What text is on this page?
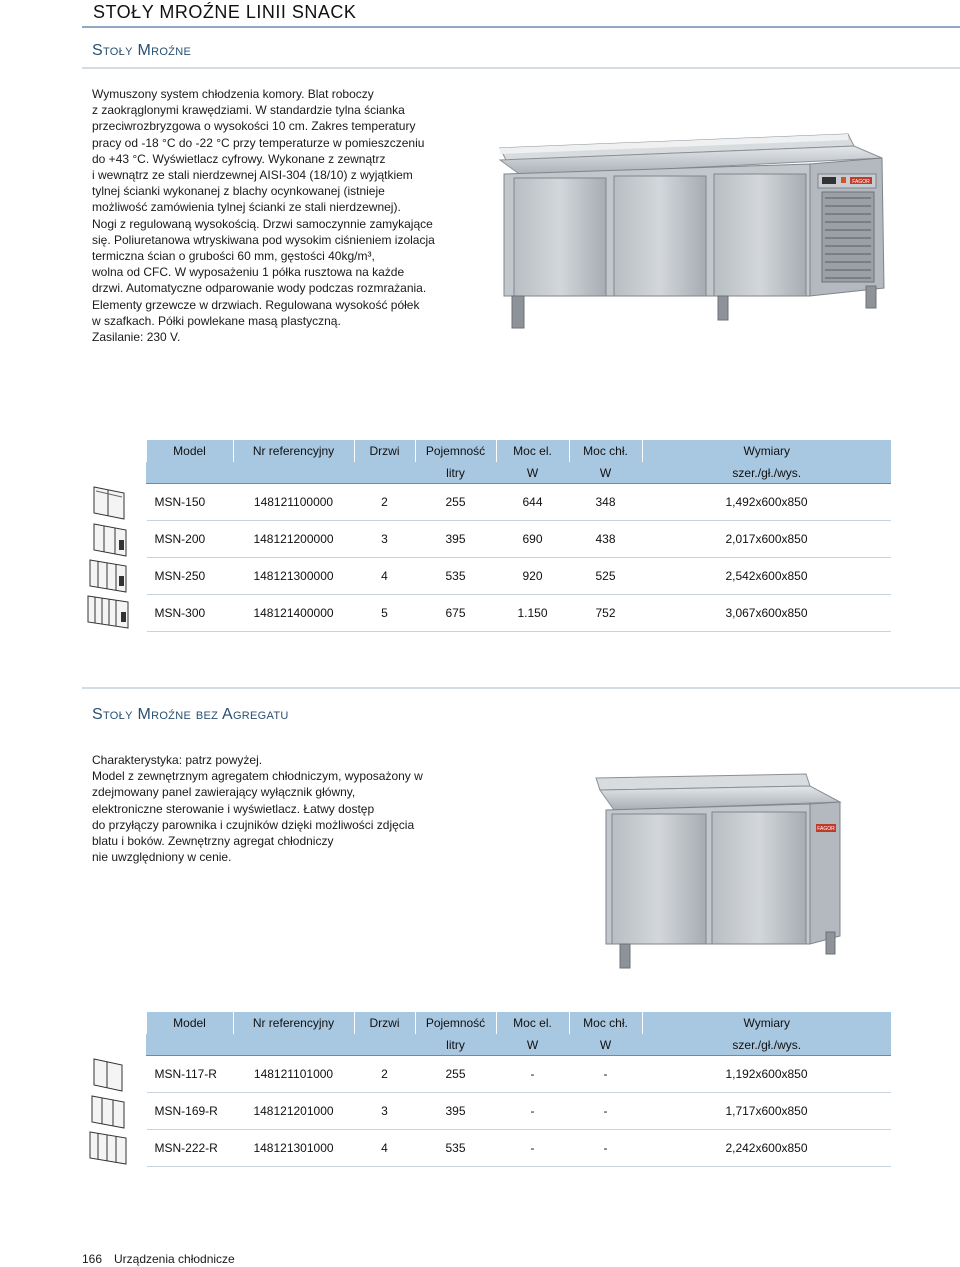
STOŁY MROŹNE LINII SNACK
Stoły Mroźne

Wymuszony system chłodzenia komory. Blat roboczy
z zaokrąglonymi krawędziami. W standardzie tylna ścianka
przeciwrozbryzgowa o wysokości 10 cm. Zakres temperatury
pracy od -18 °C do -22 °C przy temperaturze w pomieszczeniu
do +43 °C. Wyświetlacz cyfrowy. Wykonane z zewnątrz
i wewnątrz ze stali nierdzewnej AISI-304 (18/10) z wyjątkiem
tylnej ścianki wykonanej z blachy ocynkowanej (istnieje
możliwość zamówienia tylnej ścianki ze stali nierdzewnej).
Nogi z regulowaną wysokością. Drzwi samoczynnie zamykające
się. Poliuretanowa wtryskiwana pod wysokim ciśnieniem izolacja
termiczna ścian o grubości 60 mm, gęstości 40kg/m³,
wolna od CFC. W wyposażeniu 1 półka rusztowa na każde
drzwi. Automatyczne odparowanie wody podczas rozmrażania.
Elementy grzewcze w drzwiach. Regulowana wysokość półek
w szafkach. Półki powlekane masą plastyczną.
Zasilanie: 230 V.

FAGOR
Model	Nr referencyjny	Drzwi	Pojemność	Moc el.	Moc chł.	Wymiary
			litry	W	W	szer./gł./wys.
MSN-150	148121100000	2	255	644	348	1,492x600x850
MSN-200	148121200000	3	395	690	438	2,017x600x850
MSN-250	148121300000	4	535	920	525	2,542x600x850
MSN-300	148121400000	5	675	1.150	752	3,067x600x850
Stoły Mroźne bez Agregatu

Charakterystyka: patrz powyżej.
Model z zewnętrznym agregatem chłodniczym, wyposażony w
zdejmowany panel zawierający wyłącznik główny,
elektroniczne sterowanie i wyświetlacz. Łatwy dostęp
do przyłączy parownika i czujników dzięki możliwości zdjęcia
blatu i boków. Zewnętrzny agregat chłodniczy
nie uwzględniony w cenie.

FAGOR
Model	Nr referencyjny	Drzwi	Pojemność	Moc el.	Moc chł.	Wymiary
			litry	W	W	szer./gł./wys.
MSN-117-R	148121101000	2	255	-	-	1,192x600x850
MSN-169-R	148121201000	3	395	-	-	1,717x600x850
MSN-222-R	148121301000	4	535	-	-	2,242x600x850
166 Urządzenia chłodnicze
